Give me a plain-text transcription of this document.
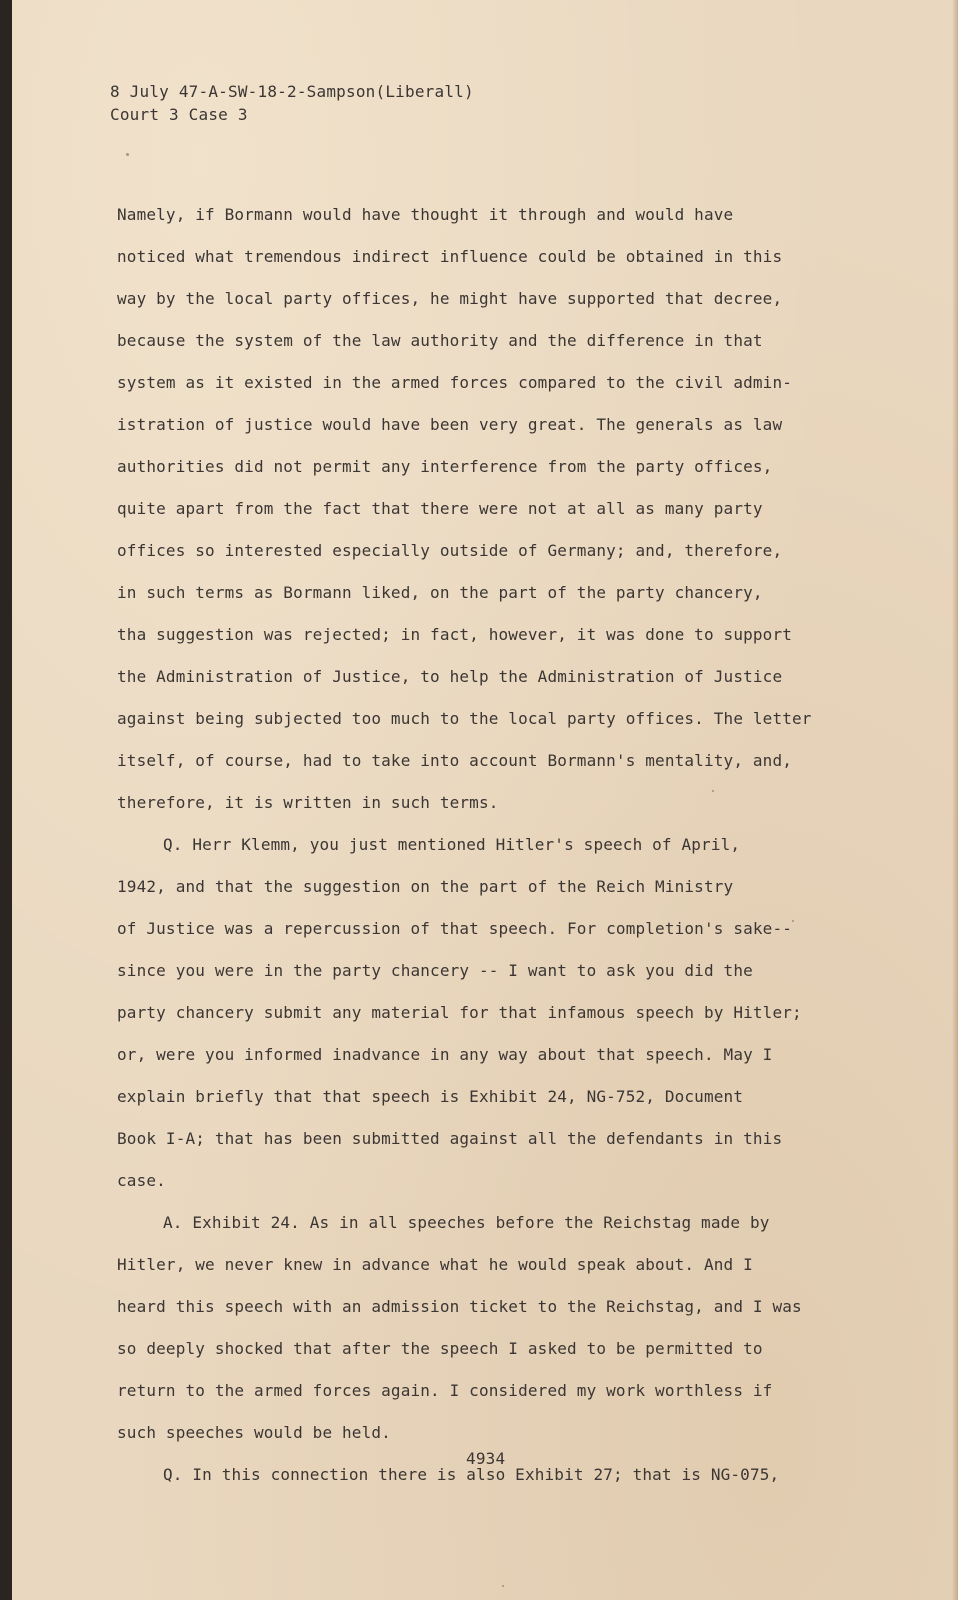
8 July 47-A-SW-18-2-Sampson(Liberall)
Court 3 Case 3
Namely, if Bormann would have thought it through and would have
noticed what tremendous indirect influence could be obtained in this
way by the local party offices, he might have supported that decree,
because the system of the law authority and the difference in that
system as it existed in the armed forces compared to the civil admin-
istration of justice would have been very great. The generals as law
authorities did not permit any interference from the party offices,
quite apart from the fact that there were not at all as many party
offices so interested especially outside of Germany; and, therefore,
in such terms as Bormann liked, on the part of the party chancery,
tha suggestion was rejected; in fact, however, it was done to support
the Administration of Justice, to help the Administration of Justice
against being subjected too much to the local party offices. The letter
itself, of course, had to take into account Bormann's mentality, and,
therefore, it is written in such terms.
Q. Herr Klemm, you just mentioned Hitler's speech of April,
1942, and that the suggestion on the part of the Reich Ministry
of Justice was a repercussion of that speech. For completion's sake--
since you were in the party chancery -- I want to ask you did the
party chancery submit any material for that infamous speech by Hitler;
or, were you informed inadvance in any way about that speech. May I
explain briefly that that speech is Exhibit 24, NG-752, Document
Book I-A; that has been submitted against all the defendants in this
case.
A. Exhibit 24. As in all speeches before the Reichstag made by
Hitler, we never knew in advance what he would speak about. And I
heard this speech with an admission ticket to the Reichstag, and I was
so deeply shocked that after the speech I asked to be permitted to
return to the armed forces again. I considered my work worthless if
such speeches would be held.
Q. In this connection there is also Exhibit 27; that is NG-075,
4934
